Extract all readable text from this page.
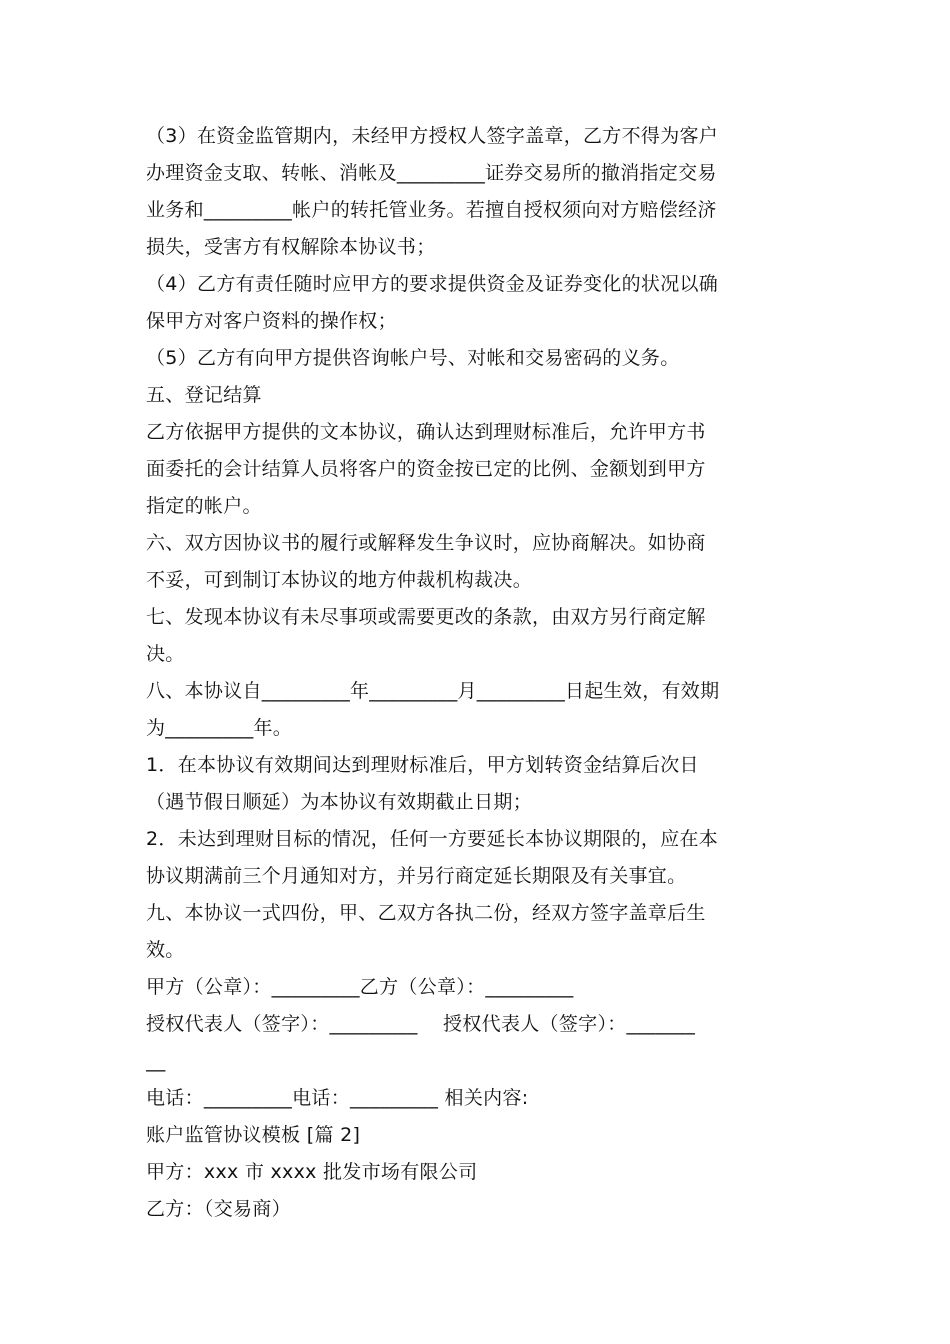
（3）在资金监管期内，未经甲方授权人签字盖章，乙方不得为客户
办理资金支取、转帐、消帐及_________证券交易所的撤消指定交易
业务和_________帐户的转托管业务。若擅自授权须向对方赔偿经济
损失，受害方有权解除本协议书；
（4）乙方有责任随时应甲方的要求提供资金及证券变化的状况以确
保甲方对客户资料的操作权；
（5）乙方有向甲方提供咨询帐户号、对帐和交易密码的义务。
五、登记结算
乙方依据甲方提供的文本协议，确认达到理财标准后，允许甲方书
面委托的会计结算人员将客户的资金按已定的比例、金额划到甲方
指定的帐户。
六、双方因协议书的履行或解释发生争议时，应协商解决。如协商
不妥，可到制订本协议的地方仲裁机构裁决。
七、发现本协议有未尽事项或需要更改的条款，由双方另行商定解
决。
八、本协议自_________年_________月_________日起生效，有效期
为_________年。
1．在本协议有效期间达到理财标准后，甲方划转资金结算后次日
（遇节假日顺延）为本协议有效期截止日期；
2．未达到理财目标的情况，任何一方要延长本协议期限的，应在本
协议期满前三个月通知对方，并另行商定延长期限及有关事宜。
九、本协议一式四份，甲、乙双方各执二份，经双方签字盖章后生
效。
甲方（公章）：_________乙方（公章）：_________
授权代表人（签字）：_________    授权代表人（签字）：_______
__
电话：_________电话：_________ 相关内容:
账户监管协议模板 [篇 2]
甲方：xxx 市 xxxx 批发市场有限公司
乙方：（交易商）
